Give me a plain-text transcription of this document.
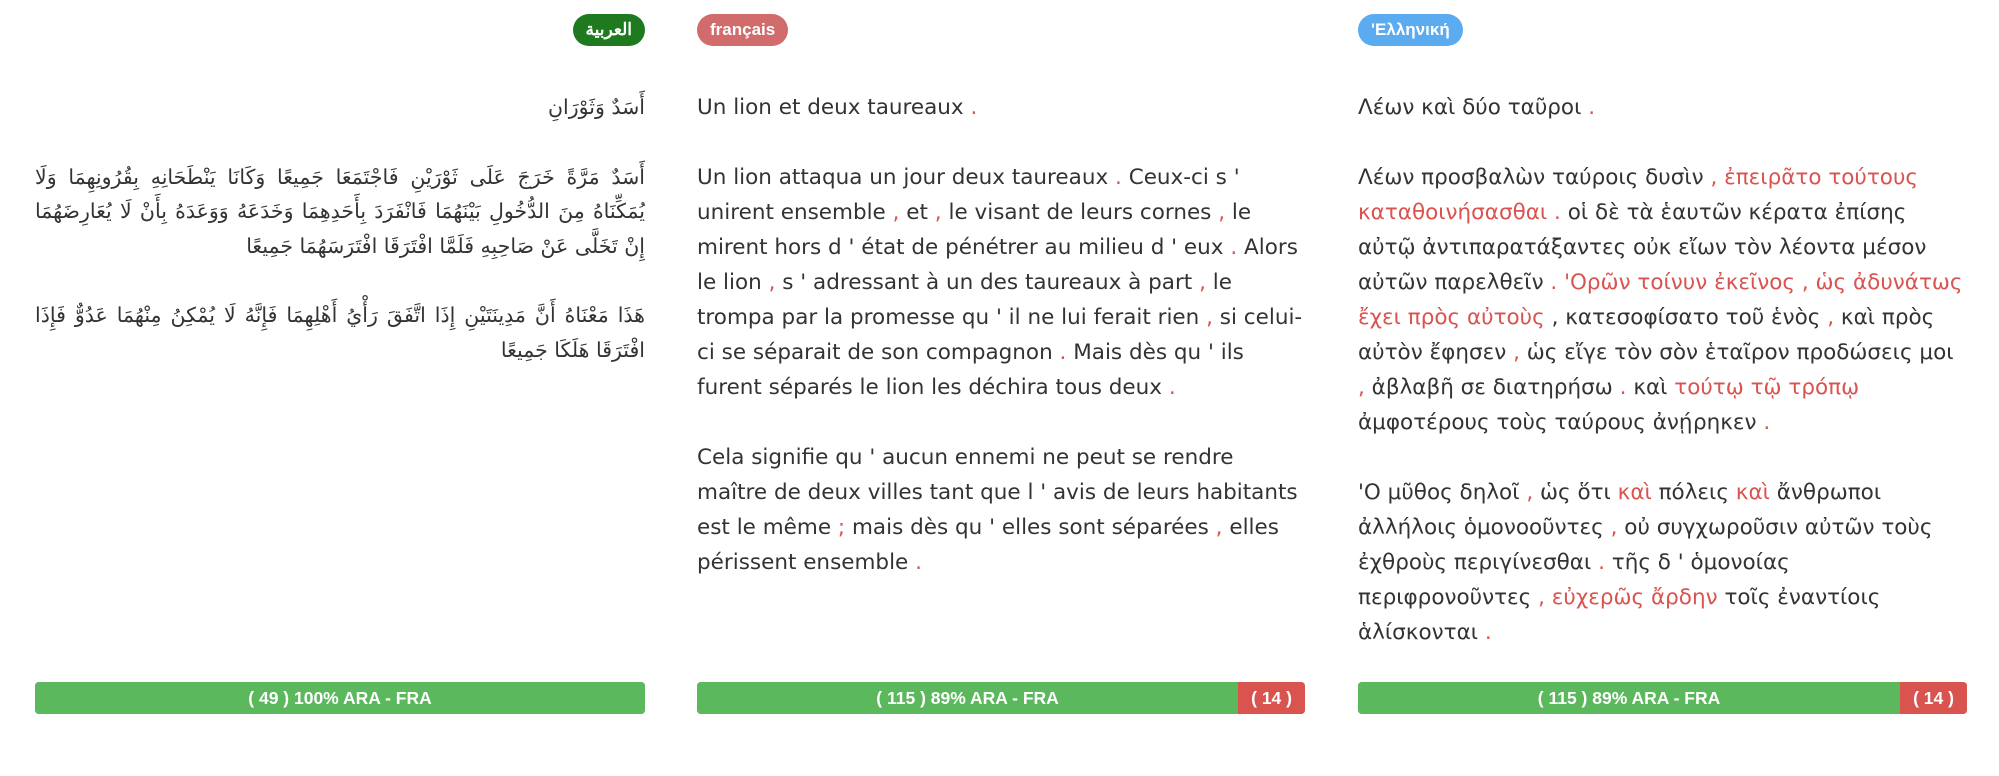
العربية

أَسَدٌ وَثَوْرَانِ

أَسَدٌ مَرَّةً خَرَجَ عَلَى ثَوْرَيْنِ فَاجْتَمَعَا جَمِيعًا وَكَانَا يَنْطَحَانِهِ بِقُرُونِهِمَا وَلَا يُمَكِّنَاهُ مِنَ الدُّخُولِ بَيْنَهُمَا فَانْفَرَدَ بِأَحَدِهِمَا وَخَدَعَهُ وَوَعَدَهُ بِأَنْ لَا يُعَارِضَهُمَا إِنْ تَخَلَّى عَنْ صَاحِبِهِ فَلَمَّا افْتَرَقَا افْتَرَسَهُمَا جَمِيعًا

هَذَا مَعْنَاهُ أَنَّ مَدِينَتَيْنِ إِذَا اتَّفَقَ رَأْيُ أَهْلِهِمَا فَإِنَّهُ لَا يُمْكِنُ مِنْهُمَا عَدُوٌّ فَإِذَا افْتَرَقَا هَلَكَا جَمِيعًا

( 49 ) 100% ARA - FRA
français

Un lion et deux taureaux .

Un lion attaqua un jour deux taureaux . Ceux-ci s ' unirent ensemble , et , le visant de leurs cornes , le mirent hors d ' état de pénétrer au milieu d ' eux . Alors le lion , s ' adressant à un des taureaux à part , le trompa par la promesse qu ' il ne lui ferait rien , si celui-ci se séparait de son compagnon . Mais dès qu ' ils furent séparés le lion les déchira tous deux .

Cela signifie qu ' aucun ennemi ne peut se rendre maître de deux villes tant que l ' avis de leurs habitants est le même ; mais dès qu ' elles sont séparées , elles périssent ensemble .

( 115 ) 89% ARA - FRA	( 14 )
'Ελληνική

Λέων καὶ δύο ταῦροι .

Λέων προσβαλὼν ταύροις δυσὶν , ἐπειρᾶτο τούτους καταθοινήσασθαι . οἱ δὲ τὰ ἑαυτῶν κέρατα ἐπίσης αὐτῷ ἀντιπαρατάξαντες οὐκ εἴων τὸν λέοντα μέσον αὐτῶν παρελθεῖν . 'Ορῶν τοίνυν ἐκεῖνος , ὡς ἀδυνάτως ἔχει πρὸς αὐτοὺς , κατεσοφίσατο τοῦ ἑνὸς , καὶ πρὸς αὐτὸν ἔφησεν , ὡς εἴγε τὸν σὸν ἑταῖρον προδώσεις μοι , ἀβλαβῆ σε διατηρήσω . καὶ τούτῳ τῷ τρόπῳ ἀμφοτέρους τοὺς ταύρους ἀνῄρηκεν .

'Ο μῦθος δηλοῖ , ὡς ὅτι καὶ πόλεις καὶ ἄνθρωποι ἀλλήλοις ὁμονοοῦντες , οὐ συγχωροῦσιν αὐτῶν τοὺς ἐχθροὺς περιγίνεσθαι . τῆς δ ' ὁμονοίας περιφρονοῦντες , εὐχερῶς ἄρδην τοῖς ἐναντίοις ἁλίσκονται .

( 115 ) 89% ARA - FRA	( 14 )
